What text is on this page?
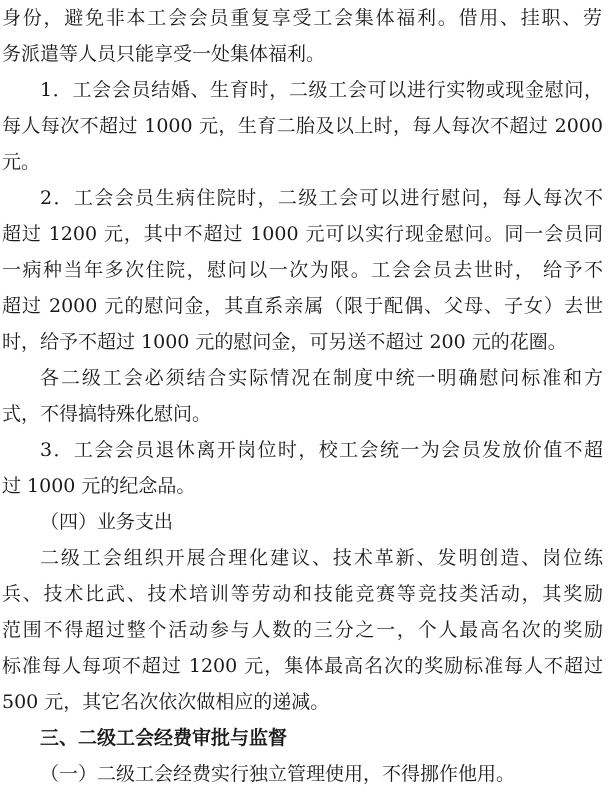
身份，避免非本工会会员重复享受工会集体福利。借用、挂职、劳
务派遣等人员只能享受一处集体福利。
1．工会会员结婚、生育时，二级工会可以进行实物或现金慰问，
每人每次不超过 1000 元，生育二胎及以上时，每人每次不超过 2000
元。
2．工会会员生病住院时，二级工会可以进行慰问，每人每次不
超过 1200 元，其中不超过 1000 元可以实行现金慰问。同一会员同
一病种当年多次住院，慰问以一次为限。工会会员去世时， 给予不
超过 2000 元的慰问金，其直系亲属（限于配偶、父母、子女）去世
时，给予不超过 1000 元的慰问金，可另送不超过 200 元的花圈。
各二级工会必须结合实际情况在制度中统一明确慰问标准和方
式，不得搞特殊化慰问。
3．工会会员退休离开岗位时，校工会统一为会员发放价值不超
过 1000 元的纪念品。
（四）业务支出
二级工会组织开展合理化建议、技术革新、发明创造、岗位练
兵、技术比武、技术培训等劳动和技能竞赛等竞技类活动，其奖励
范围不得超过整个活动参与人数的三分之一，个人最高名次的奖励
标准每人每项不超过 1200 元，集体最高名次的奖励标准每人不超过
500 元，其它名次依次做相应的递减。
三、二级工会经费审批与监督
（一）二级工会经费实行独立管理使用，不得挪作他用。
